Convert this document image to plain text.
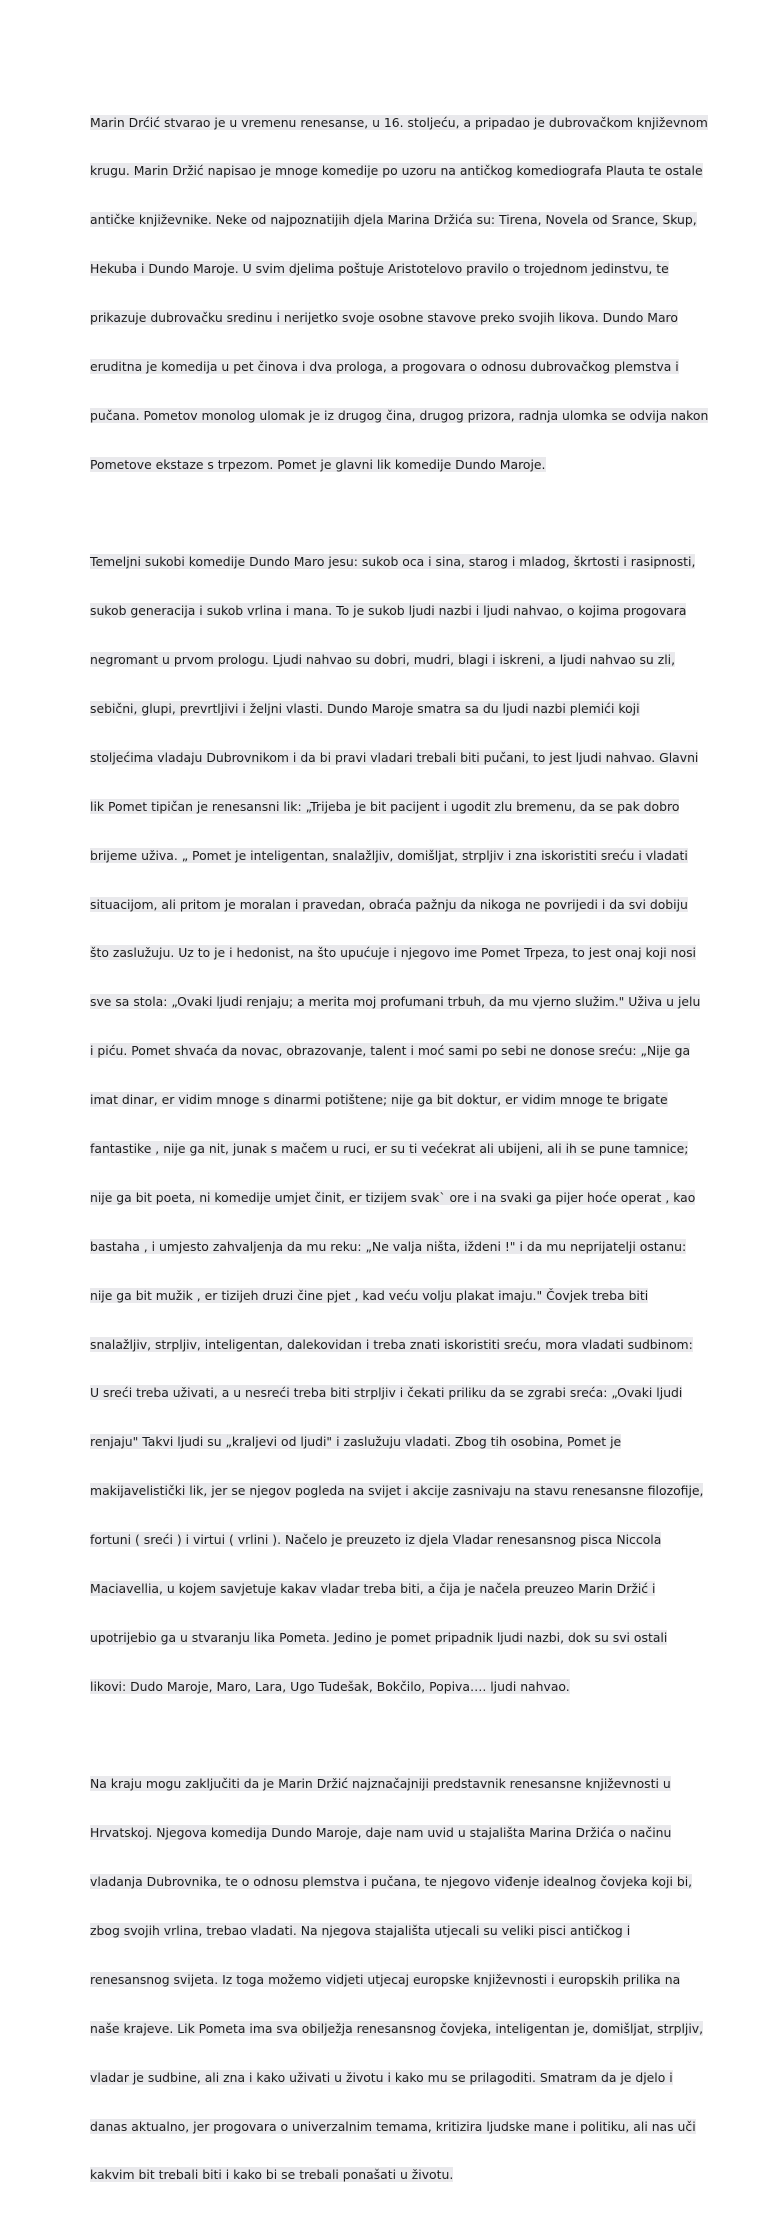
Marin Drćić stvarao je u vremenu renesanse, u 16. stoljeću, a pripadao je dubrovačkom književnom

krugu. Marin Držić napisao je mnoge komedije po uzoru na antičkog komediografa Plauta te ostale

antičke književnike. Neke od najpoznatijih djela Marina Držića su: Tirena, Novela od Srance, Skup,

Hekuba i Dundo Maroje. U svim djelima poštuje Aristotelovo pravilo o trojednom jedinstvu, te

prikazuje dubrovačku sredinu i nerijetko svoje osobne stavove preko svojih likova. Dundo Maro

eruditna je komedija u pet činova i dva prologa, a progovara o odnosu dubrovačkog plemstva i

pučana. Pometov monolog ulomak je iz drugog čina, drugog prizora, radnja ulomka se odvija nakon

Pometove ekstaze s trpezom. Pomet je glavni lik komedije Dundo Maroje.

Temeljni sukobi komedije Dundo Maro jesu: sukob oca i sina, starog i mladog, škrtosti i rasipnosti,

sukob generacija i sukob vrlina i mana. To je sukob ljudi nazbi i ljudi nahvao, o kojima progovara

negromant u prvom prologu. Ljudi nahvao su dobri, mudri, blagi i iskreni, a ljudi nahvao su zli,

sebični, glupi, prevrtljivi i željni vlasti. Dundo Maroje smatra sa du ljudi nazbi plemići koji

stoljećima vladaju Dubrovnikom i da bi pravi vladari trebali biti pučani, to jest ljudi nahvao. Glavni

lik Pomet tipičan je renesansni lik: „Trijeba je bit pacijent i ugodit zlu bremenu, da se pak dobro

brijeme uživa. „ Pomet je inteligentan, snalažljiv, domišljat, strpljiv i zna iskoristiti sreću i vladati

situacijom, ali pritom je moralan i pravedan, obraća pažnju da nikoga ne povrijedi i da svi dobiju

što zaslužuju. Uz to je i hedonist, na što upućuje i njegovo ime Pomet Trpeza, to jest onaj koji nosi

sve sa stola: „Ovaki ljudi renjaju; a merita moj profumani trbuh, da mu vjerno služim." Uživa u jelu

i piću. Pomet shvaća da novac, obrazovanje, talent i moć sami po sebi ne donose sreću: „Nije ga

imat dinar, er vidim mnoge s dinarmi potištene; nije ga bit doktur, er vidim mnoge te brigate

fantastike , nije ga nit, junak s mačem u ruci, er su ti većekrat ali ubijeni, ali ih se pune tamnice;

nije ga bit poeta, ni komedije umjet činit, er tizijem svak` ore i na svaki ga pijer hoće operat , kao

bastaha , i umjesto zahvaljenja da mu reku: „Ne valja ništa, iždeni !" i da mu neprijatelji ostanu:

nije ga bit mužik , er tizijeh druzi čine pjet , kad veću volju plakat imaju." Čovjek treba biti

snalažljiv, strpljiv, inteligentan, dalekovidan i treba znati iskoristiti sreću, mora vladati sudbinom:

U sreći treba uživati, a u nesreći treba biti strpljiv i čekati priliku da se zgrabi sreća: „Ovaki ljudi

renjaju" Takvi ljudi su „kraljevi od ljudi" i zaslužuju vladati. Zbog tih osobina, Pomet je

makijavelistički lik, jer se njegov pogleda na svijet i akcije zasnivaju na stavu renesansne filozofije,

fortuni ( sreći ) i virtui ( vrlini ). Načelo je preuzeto iz djela Vladar renesansnog pisca Niccola

Maciavellia, u kojem savjetuje kakav vladar treba biti, a čija je načela preuzeo Marin Držić i

upotrijebio ga u stvaranju lika Pometa. Jedino je pomet pripadnik ljudi nazbi, dok su svi ostali

likovi: Dudo Maroje, Maro, Lara, Ugo Tudešak, Bokčilo, Popiva…. ljudi nahvao.

Na kraju mogu zaključiti da je Marin Držić najznačajniji predstavnik renesansne književnosti u

Hrvatskoj. Njegova komedija Dundo Maroje, daje nam uvid u stajališta Marina Držića o načinu

vladanja Dubrovnika, te o odnosu plemstva i pučana, te njegovo viđenje idealnog čovjeka koji bi,

zbog svojih vrlina, trebao vladati. Na njegova stajališta utjecali su veliki pisci antičkog i

renesansnog svijeta. Iz toga možemo vidjeti utjecaj europske književnosti i europskih prilika na

naše krajeve. Lik Pometa ima sva obilježja renesansnog čovjeka, inteligentan je, domišljat, strpljiv,

vladar je sudbine, ali zna i kako uživati u životu i kako mu se prilagoditi. Smatram da je djelo i

danas aktualno, jer progovara o univerzalnim temama, kritizira ljudske mane i politiku, ali nas uči

kakvim bit trebali biti i kako bi se trebali ponašati u životu.
